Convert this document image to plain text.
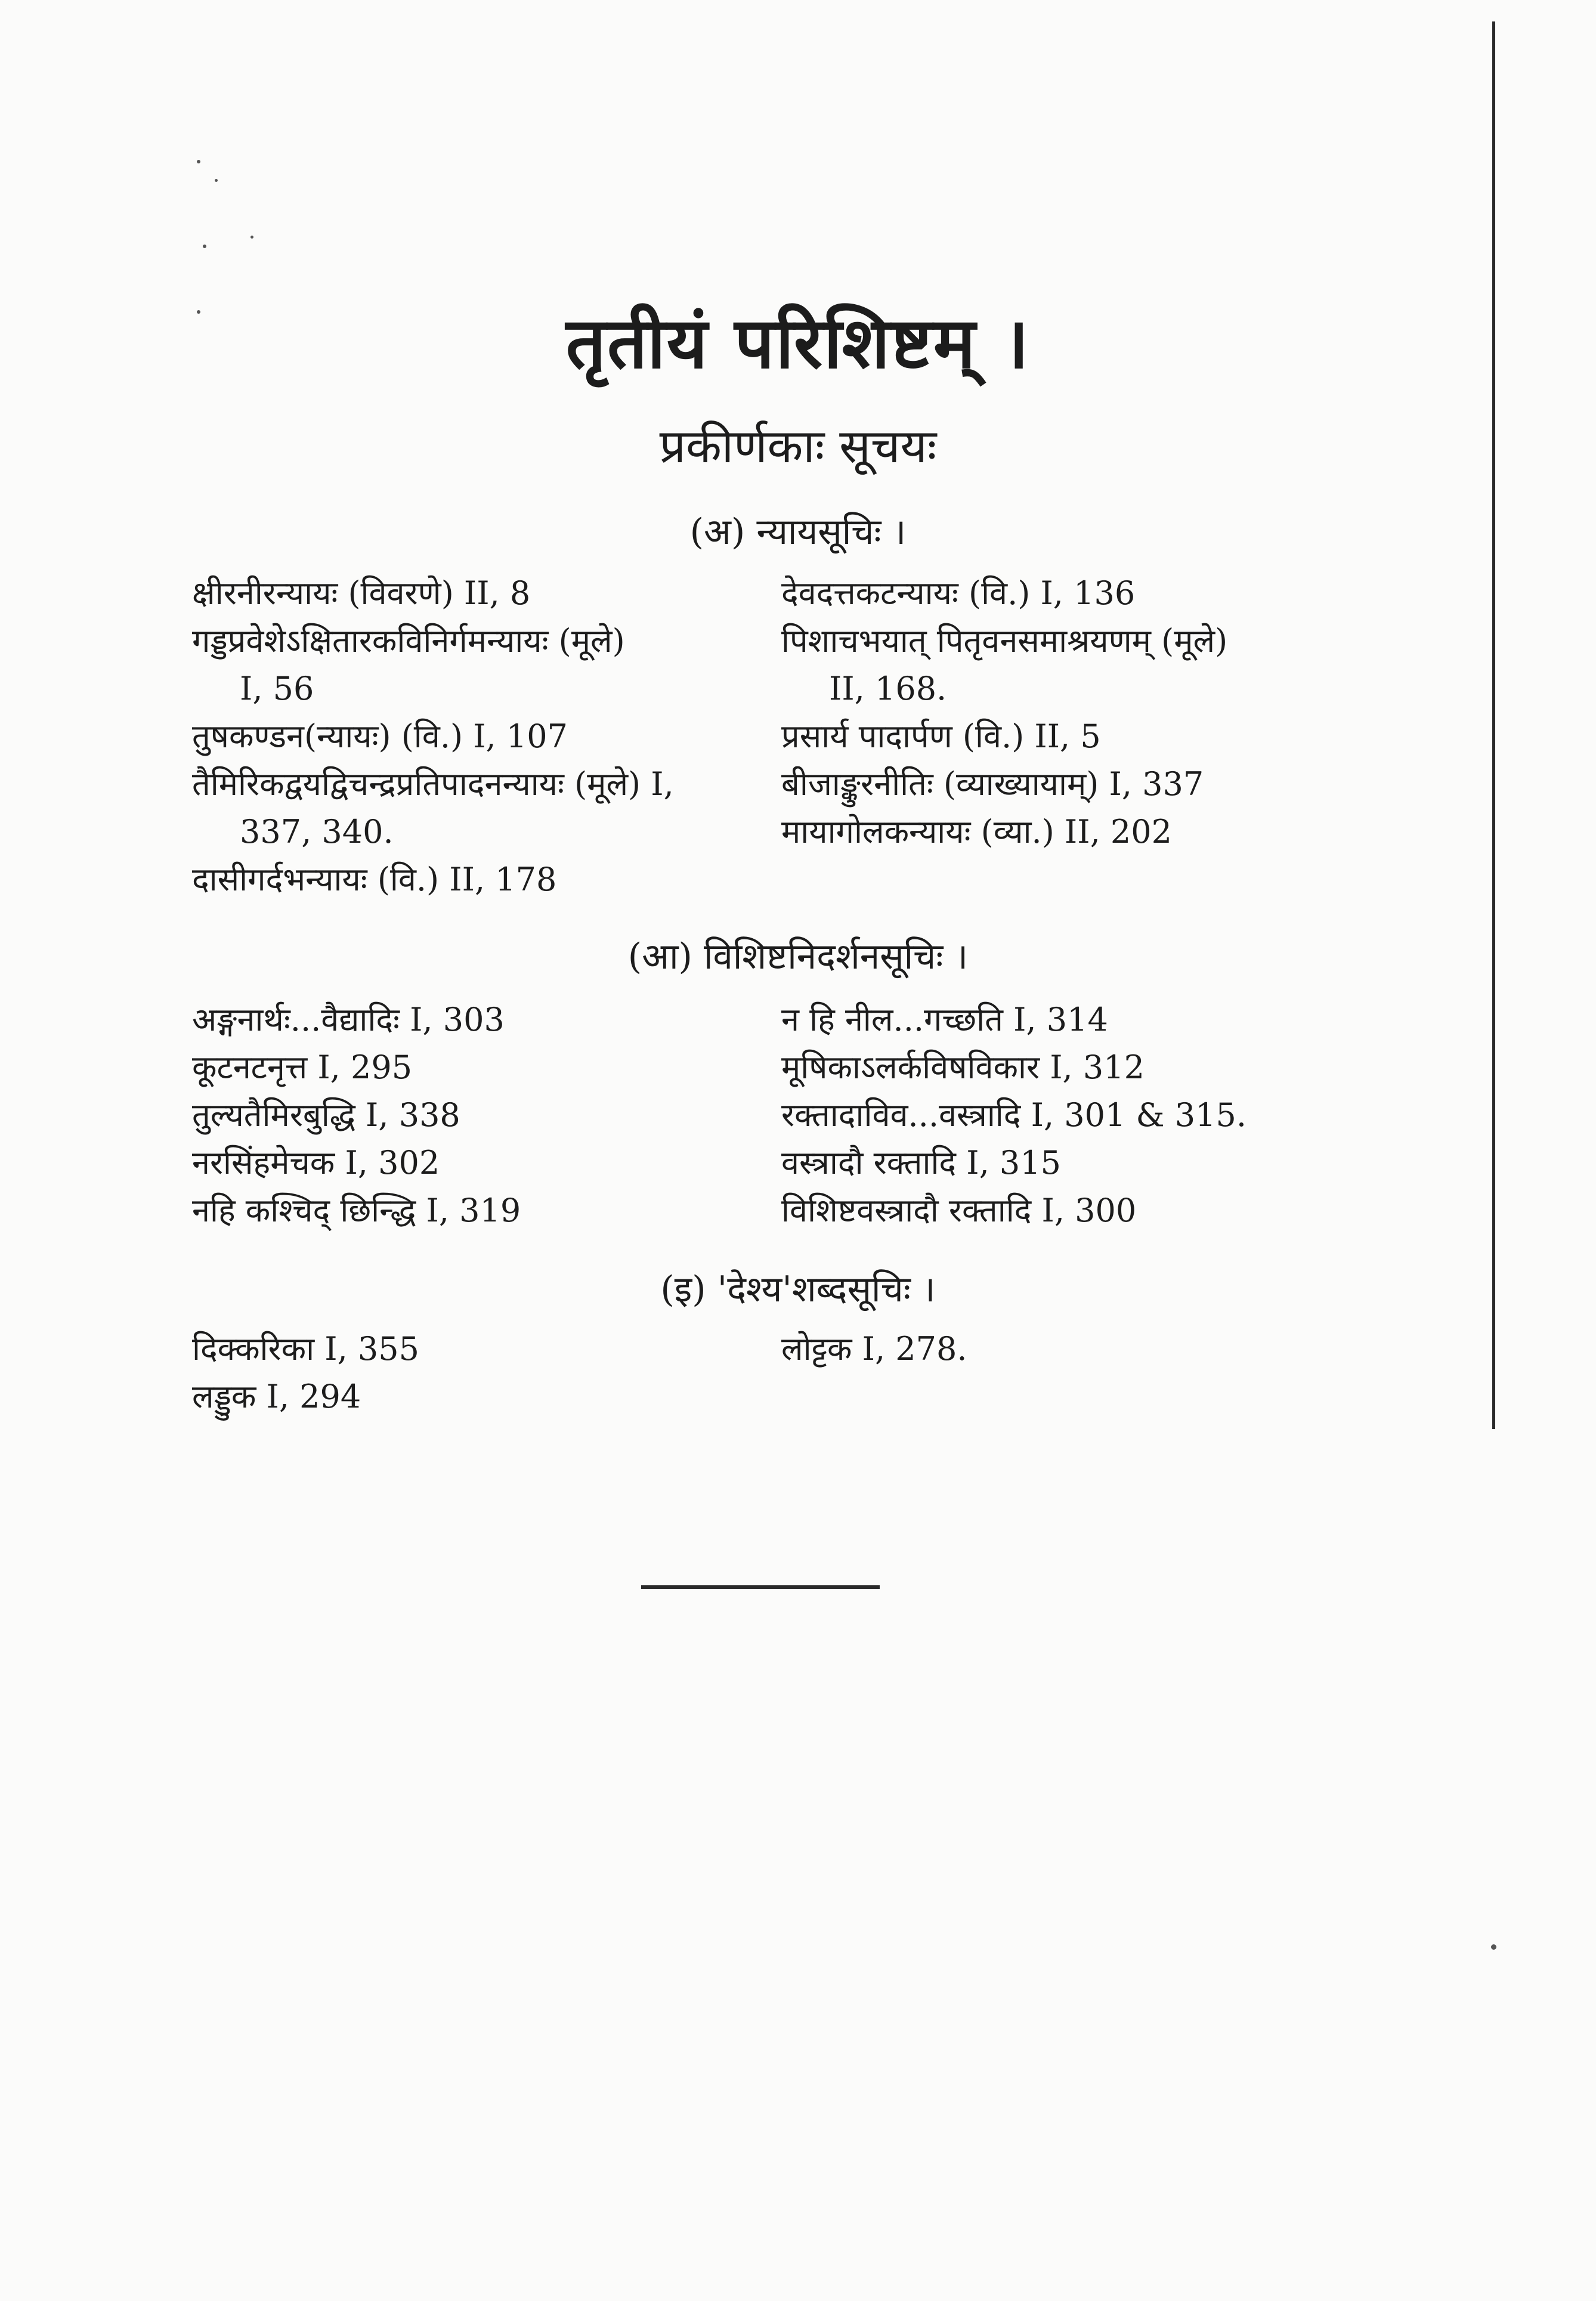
तृतीयं परिशिष्टम् ।
प्रकीर्णकाः सूचयः
(अ) न्यायसूचिः ।
क्षीरनीरन्यायः (विवरणे) II, 8
गड्डप्रवेशेऽक्षितारकविनिर्गमन्यायः (मूले)
I, 56
तुषकण्डन(न्यायः) (वि.) I, 107
तैमिरिकद्वयद्विचन्द्रप्रतिपादनन्यायः (मूले) I,
337, 340.
दासीगर्दभन्यायः (वि.) II, 178
देवदत्तकटन्यायः (वि.) I, 136
पिशाचभयात् पितृवनसमाश्रयणम् (मूले)
II, 168.
प्रसार्य पादार्पण (वि.) II, 5
बीजाङ्कुरनीतिः (व्याख्यायाम्) I, 337
मायागोलकन्यायः (व्या.) II, 202
(आ) विशिष्टनिदर्शनसूचिः ।
अङ्गनार्थः...वैद्यादिः I, 303
कूटनटनृत्त I, 295
तुल्यतैमिरबुद्धि I, 338
नरसिंहमेचक I, 302
नहि कश्चिद् छिन्द्धि I, 319
न हि नील...गच्छति I, 314
मूषिकाऽलर्कविषविकार I, 312
रक्तादाविव...वस्त्रादि I, 301 & 315.
वस्त्रादौ रक्तादि I, 315
विशिष्टवस्त्रादौ रक्तादि I, 300
(इ) 'देश्य'शब्दसूचिः ।
दिक्करिका I, 355
लड्डुक I, 294
लोट्टक I, 278.
